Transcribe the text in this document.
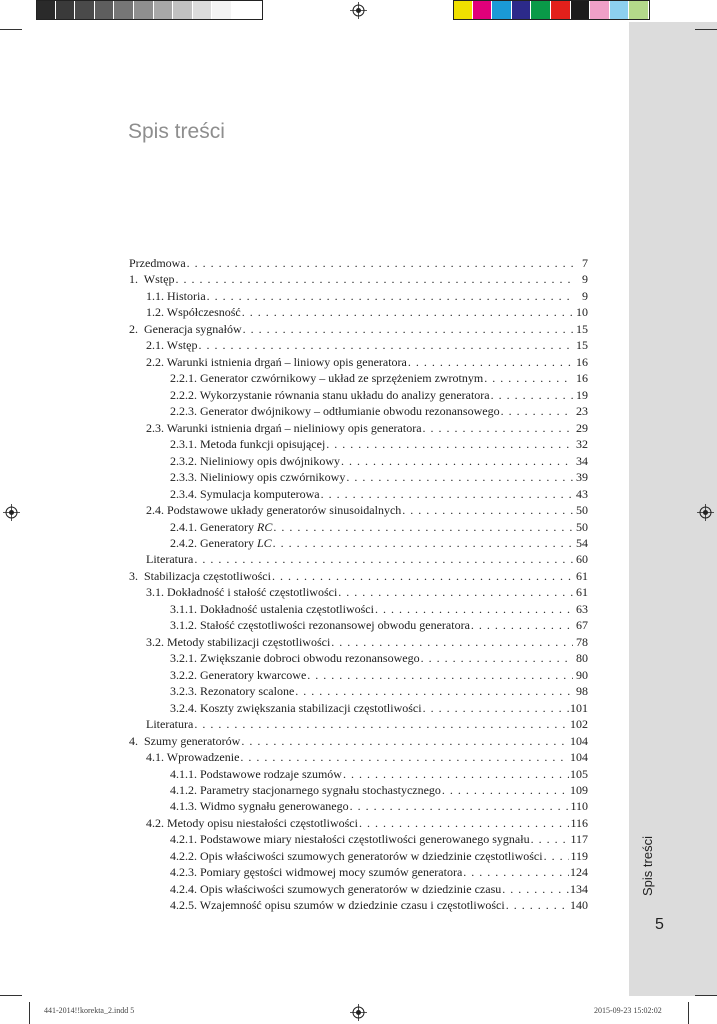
Spis treści
Przedmowa . . .	7
1.  Wstęp . . .	9
1.1. Historia . . .	9
1.2. Współczesność . . .	10
2.  Generacja sygnałów . . .	15
2.1. Wstęp . . .	15
2.2. Warunki istnienia drgań – liniowy opis generatora . . .	16
2.2.1. Generator czwórnikowy – układ ze sprzężeniem zwrotnym . . .	16
2.2.2. Wykorzystanie równania stanu układu do analizy generatora . . .	19
2.2.3. Generator dwójnikowy – odtłumianie obwodu rezonansowego . . .	23
2.3. Warunki istnienia drgań – nieliniowy opis generatora . . .	29
2.3.1. Metoda funkcji opisującej . . .	32
2.3.2. Nieliniowy opis dwójnikowy . . .	34
2.3.3. Nieliniowy opis czwórnikowy . . .	39
2.3.4. Symulacja komputerowa . . .	43
2.4. Podstawowe układy generatorów sinusoidalnych . . .	50
2.4.1. Generatory RC . . .	50
2.4.2. Generatory LC . . .	54
Literatura . . .	60
3.  Stabilizacja częstotliwości . . .	61
3.1. Dokładność i stałość częstotliwości . . .	61
3.1.1. Dokładność ustalenia częstotliwości . . .	63
3.1.2. Stałość częstotliwości rezonansowej obwodu generatora . . .	67
3.2. Metody stabilizacji częstotliwości . . .	78
3.2.1. Zwiększanie dobroci obwodu rezonansowego . . .	80
3.2.2. Generatory kwarcowe . . .	90
3.2.3. Rezonatory scalone . . .	98
3.2.4. Koszty zwiększania stabilizacji częstotliwości . . .	101
Literatura . . .	102
4.  Szumy generatorów . . .	104
4.1. Wprowadzenie . . .	104
4.1.1. Podstawowe rodzaje szumów . . .	105
4.1.2. Parametry stacjonarnego sygnału stochastycznego . . .	109
4.1.3. Widmo sygnału generowanego . . .	110
4.2. Metody opisu niestałości częstotliwości . . .	116
4.2.1. Podstawowe miary niestałości częstotliwości generowanego sygnału . . .	117
4.2.2. Opis właściwości szumowych generatorów w dziedzinie częstotliwości . . . 119
4.2.3. Pomiary gęstości widmowej mocy szumów generatora . . .	124
4.2.4. Opis właściwości szumowych generatorów w dziedzinie czasu . . .	134
4.2.5. Wzajemność opisu szumów w dziedzinie czasu i częstotliwości . . .	140
Spis treści
5
441-2014!!korekta_2.indd 5	2015-09-23 15:02:02
